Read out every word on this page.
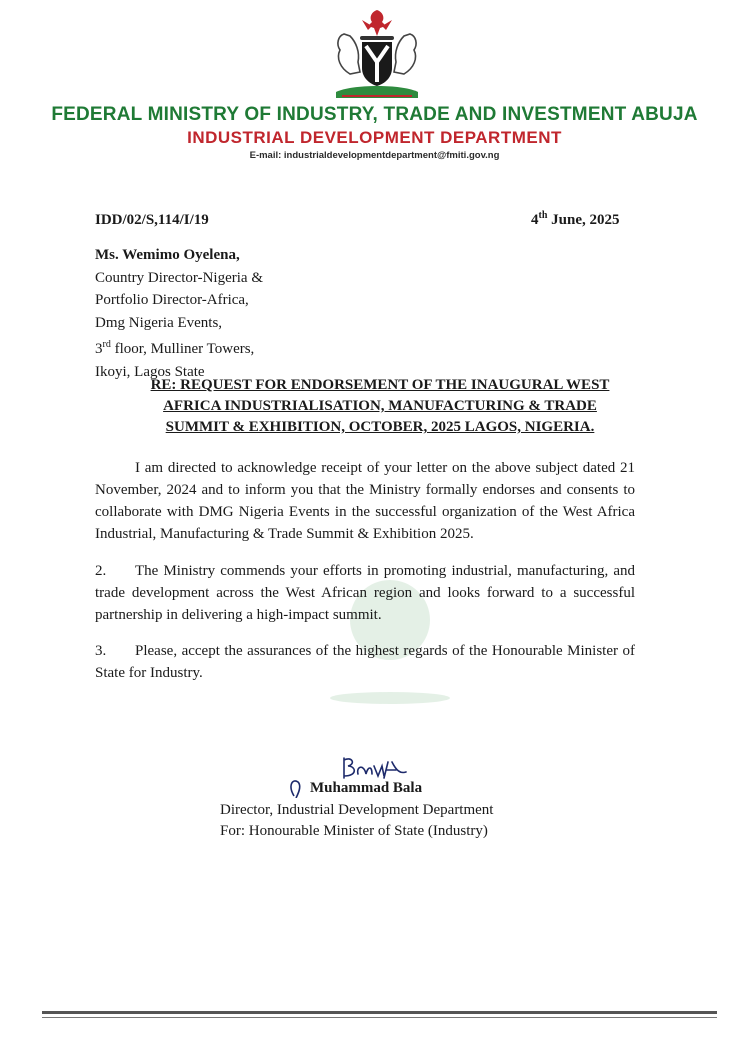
FEDERAL MINISTRY OF INDUSTRY, TRADE AND INVESTMENT ABUJA
INDUSTRIAL DEVELOPMENT DEPARTMENT
E-mail: industrialdevelopmentdepartment@fmiti.gov.ng
IDD/02/S,114/I/19	4th June, 2025
Ms. Wemimo Oyelena,
Country Director-Nigeria &
Portfolio Director-Africa,
Dmg Nigeria Events,
3rd floor, Mulliner Towers,
Ikoyi, Lagos State
RE: REQUEST FOR ENDORSEMENT OF THE INAUGURAL WEST
AFRICA INDUSTRIALISATION, MANUFACTURING & TRADE
SUMMIT & EXHIBITION, OCTOBER, 2025 LAGOS, NIGERIA.
I am directed to acknowledge receipt of your letter on the above subject dated 21 November, 2024 and to inform you that the Ministry formally endorses and consents to collaborate with DMG Nigeria Events in the successful organization of the West Africa Industrial, Manufacturing & Trade Summit & Exhibition 2025.
2. The Ministry commends your efforts in promoting industrial, manufacturing, and trade development across the West African region and looks forward to a successful partnership in delivering a high-impact summit.
3. Please, accept the assurances of the highest regards of the Honourable Minister of State for Industry.
Muhammad Bala
Director, Industrial Development Department
For: Honourable Minister of State (Industry)
